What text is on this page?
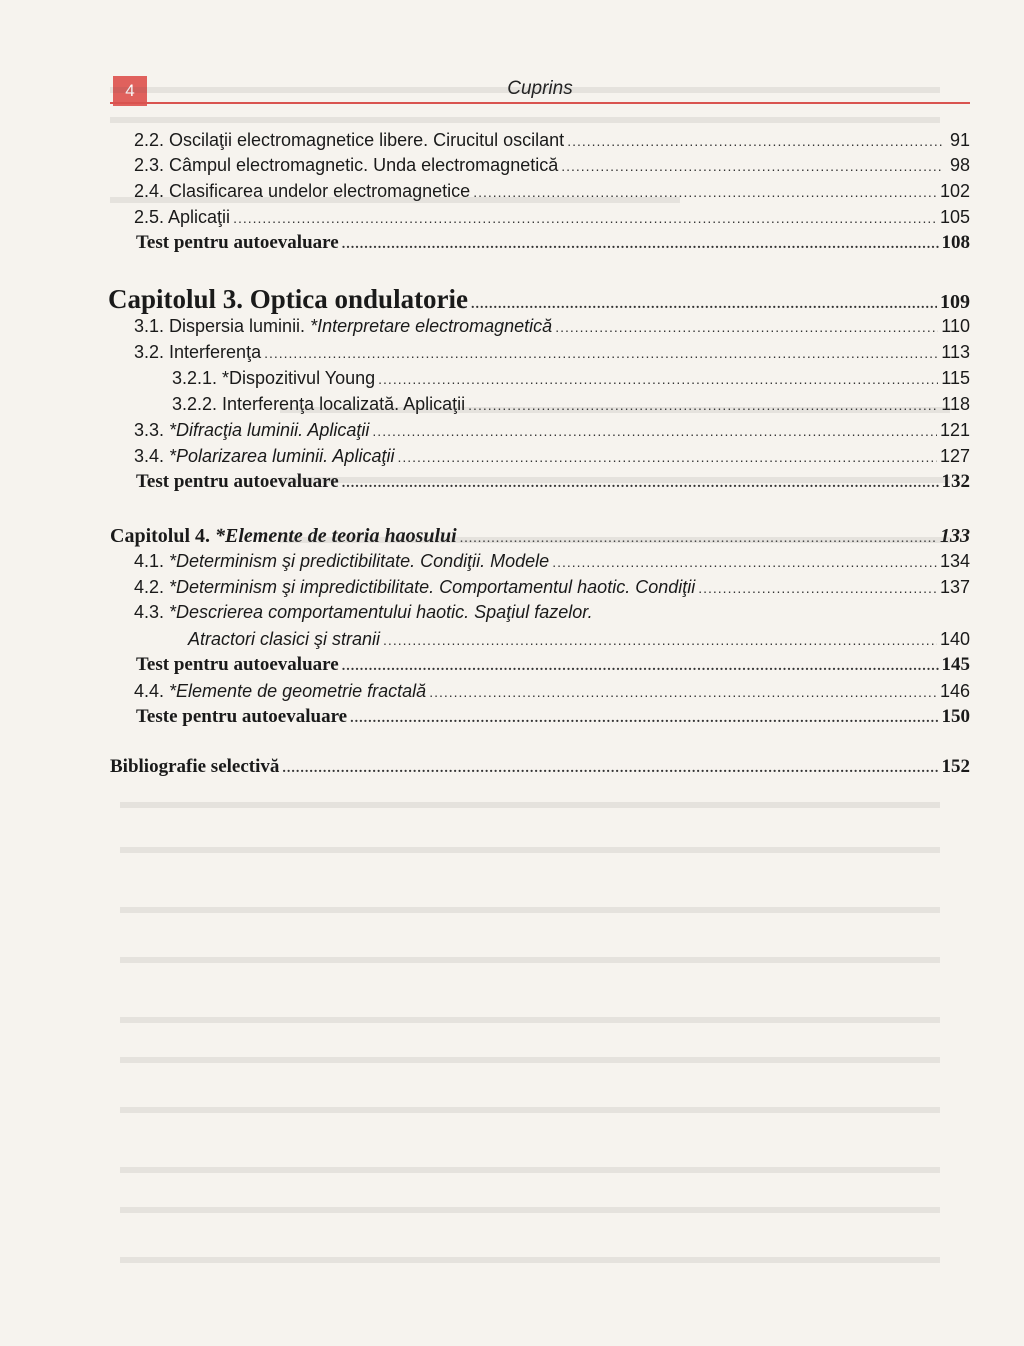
4	Cuprins
2.2. Oscilaţii electromagnetice libere. Cirucitul oscilant .....	91
2.3. Câmpul electromagnetic. Unda electromagnetică .....	98
2.4. Clasificarea undelor electromagnetice .....	102
2.5. Aplicaţii .....	105
Test pentru autoevaluare .....	108
Capitolul 3. Optica ondulatorie .....	109
3.1. Dispersia luminii. *Interpretare electromagnetică .....	110
3.2. Interferenţa .....	113
3.2.1. *Dispozitivul Young .....	115
3.2.2. Interferenţa localizată. Aplicaţii .....	118
3.3. *Difracţia luminii. Aplicaţii .....	121
3.4. *Polarizarea luminii. Aplicaţii .....	127
Test pentru autoevaluare .....	132
Capitolul 4. *Elemente de teoria haosului .....	133
4.1. *Determinism şi predictibilitate. Condiţii. Modele .....	134
4.2. *Determinism şi impredictibilitate. Comportamentul haotic. Condiţii .....	137
4.3. *Descrierea comportamentului haotic. Spaţiul fazelor.
Atractori clasici şi stranii .....	140
Test pentru autoevaluare .....	145
4.4. *Elemente de geometrie fractală .....	146
Teste pentru autoevaluare .....	150
Bibliografie selectivă .....	152
